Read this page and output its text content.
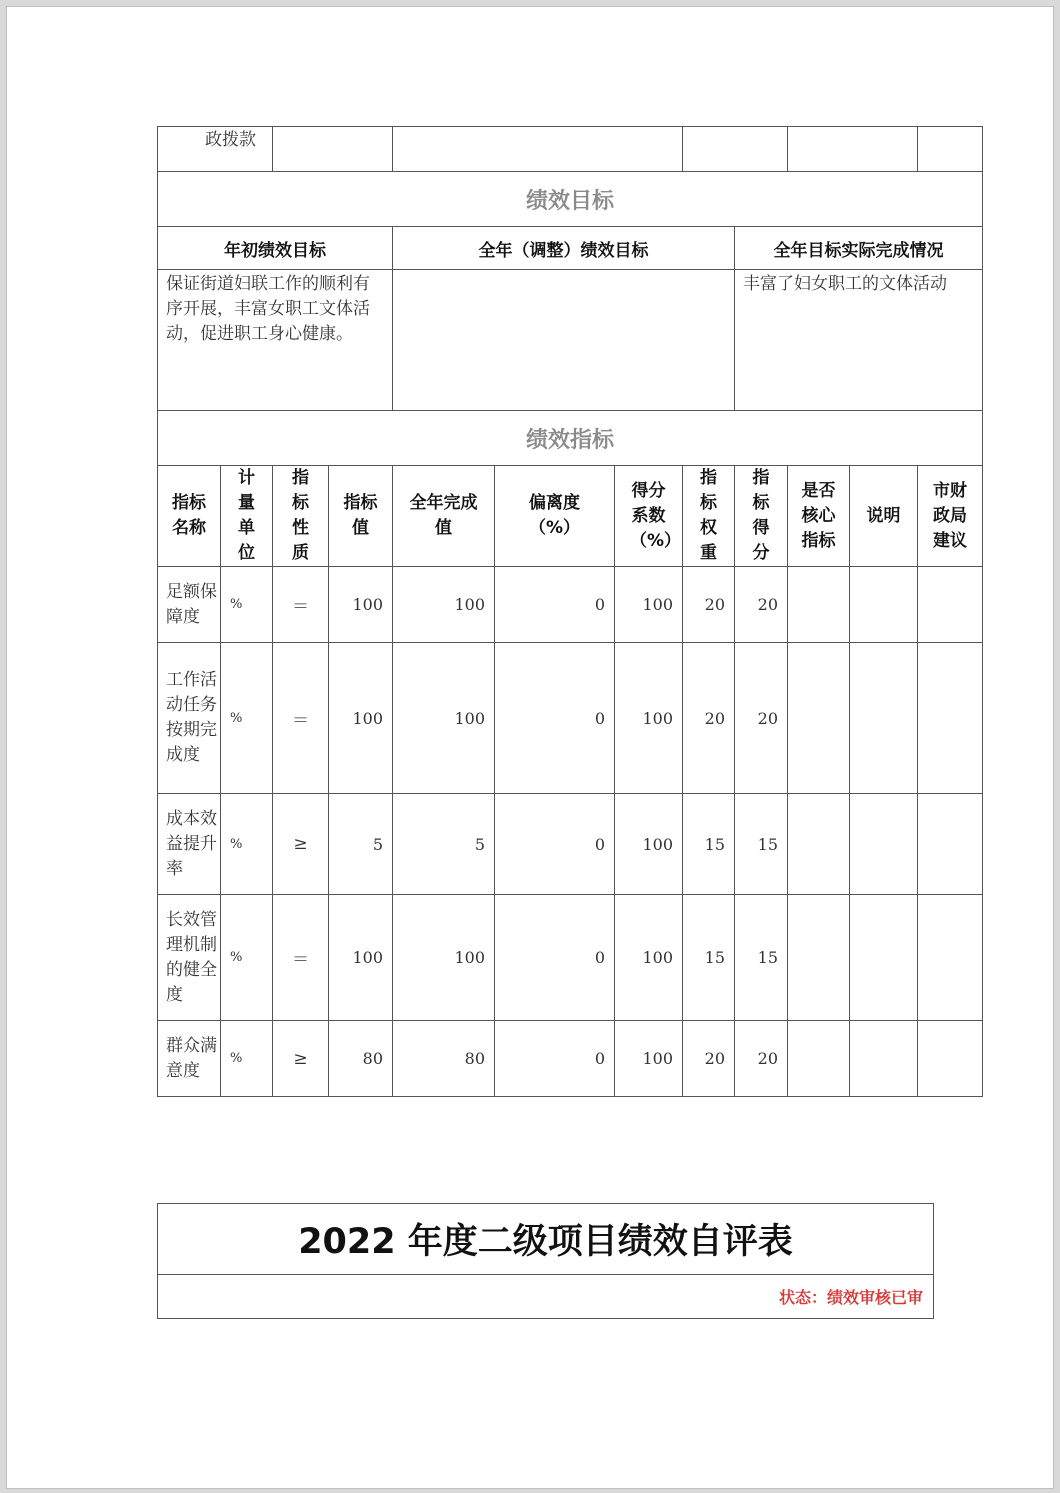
政拨款												
绩效目标												
年初绩效目标				全年（调整）绩效目标				全年目标实际完成情况				
保证街道妇联工作的顺利有序开展，丰富女职工文体活动，促进职工身心健康。								丰富了妇女职工的文体活动				
绩效指标												
指标名称	计量单位	指标性质	指标值	全年完成值	偏离度（%）	得分系数（%）	指标权重	指标得分	是否核心指标	说明	市财政局建议	
足额保障度	%	＝	100	100	0	100	20	20				
工作活动任务按期完成度	%	＝	100	100	0	100	20	20				
成本效益提升率	%	≥	5	5	0	100	15	15				
长效管理机制的健全度	%	＝	100	100	0	100	15	15				
群众满意度	%	≥	80	80	0	100	20	20				
2022 年度二级项目绩效自评表
状态：绩效审核已审
